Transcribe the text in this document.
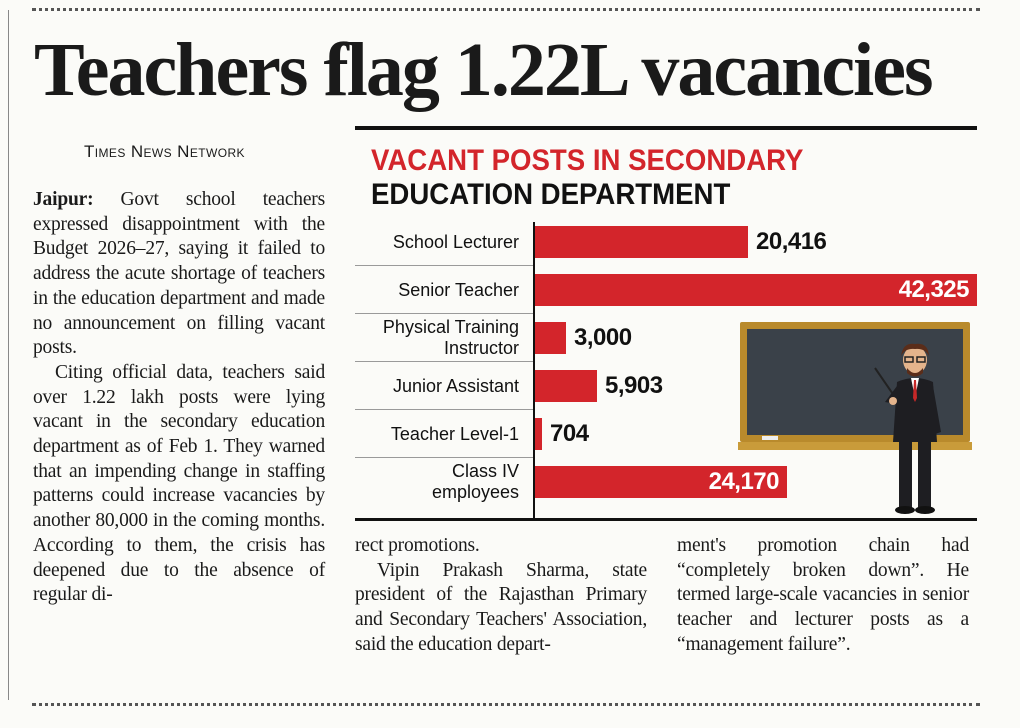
Teachers flag 1.22L vacancies
Times News Network

Jaipur: Govt school teachers expressed disappointment with the Budget 2026–27, saying it failed to address the acute shortage of teachers in the education department and made no announcement on filling vacant posts.

Citing official data, teachers said over 1.22 lakh posts were lying vacant in the secondary education department as of Feb 1. They warned that an impending change in staffing patterns could increase vacancies by another 80,000 in the coming months. According to them, the crisis has deepened due to the absence of regular di-

VACANT POSTS IN SECONDARY
EDUCATION DEPARTMENT
School Lecturer	20,416
Senior Teacher	42,325
Physical Training
Instructor 3,000
Junior Assistant	5,903
Teacher Level-1 704
Class IV
employees	24,170

rect promotions.

Vipin Prakash Sharma, state president of the Rajasthan Primary and Secondary Teachers' Association, said the education depart-

ment's promotion chain had “completely broken down”. He termed large-scale vacancies in senior teacher and lecturer posts as a “management failure”.
